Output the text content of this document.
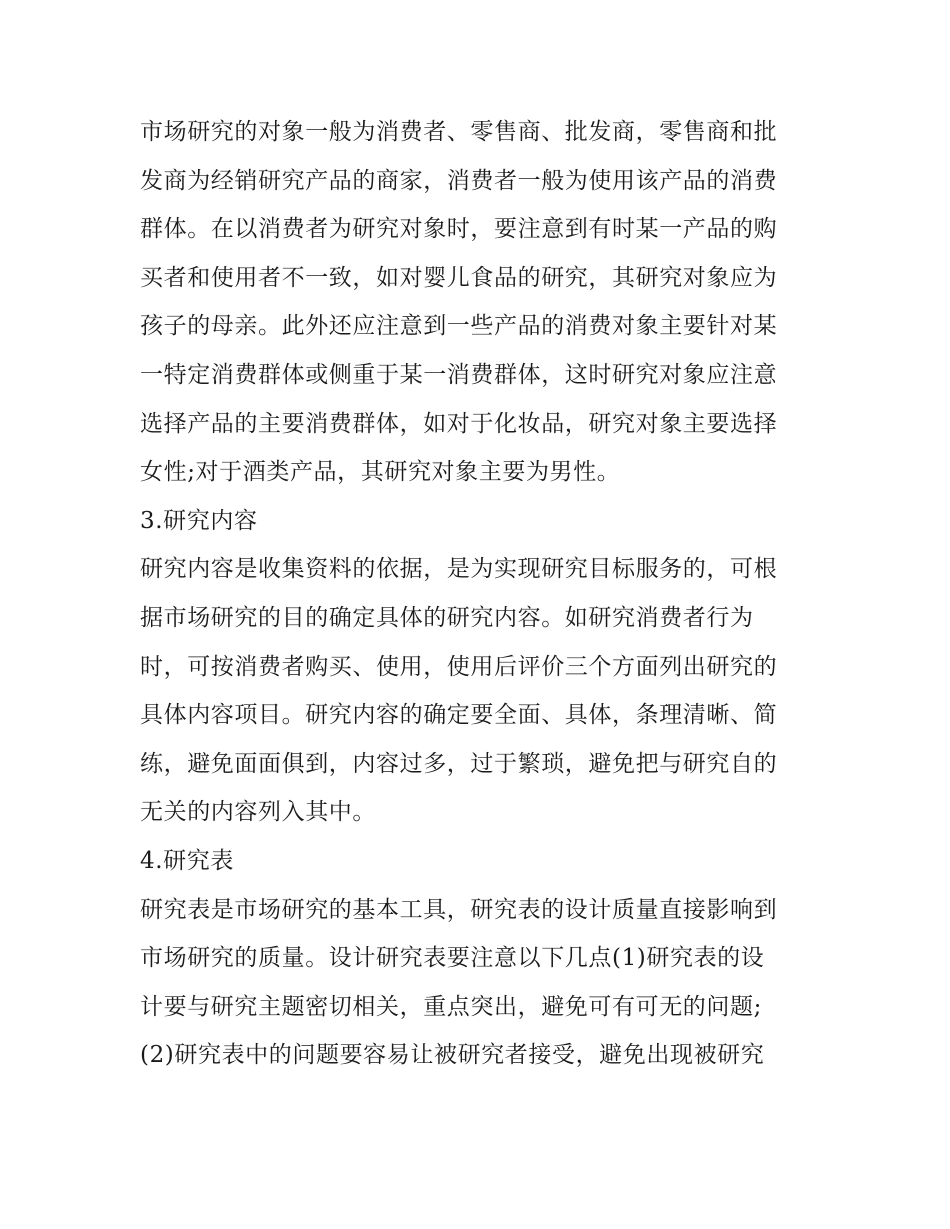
市场研究的对象一般为消费者、零售商、批发商，零售商和批
发商为经销研究产品的商家，消费者一般为使用该产品的消费
群体。在以消费者为研究对象时，要注意到有时某一产品的购
买者和使用者不一致，如对婴儿食品的研究，其研究对象应为
孩子的母亲。此外还应注意到一些产品的消费对象主要针对某
一特定消费群体或侧重于某一消费群体，这时研究对象应注意
选择产品的主要消费群体，如对于化妆品，研究对象主要选择
女性;对于酒类产品，其研究对象主要为男性。
3.研究内容
研究内容是收集资料的依据，是为实现研究目标服务的，可根
据市场研究的目的确定具体的研究内容。如研究消费者行为
时，可按消费者购买、使用，使用后评价三个方面列出研究的
具体内容项目。研究内容的确定要全面、具体，条理清晰、简
练，避免面面俱到，内容过多，过于繁琐，避免把与研究自的
无关的内容列入其中。
4.研究表
研究表是市场研究的基本工具，研究表的设计质量直接影响到
市场研究的质量。设计研究表要注意以下几点(1)研究表的设
计要与研究主题密切相关，重点突出，避免可有可无的问题;
(2)研究表中的问题要容易让被研究者接受，避免出现被研究
